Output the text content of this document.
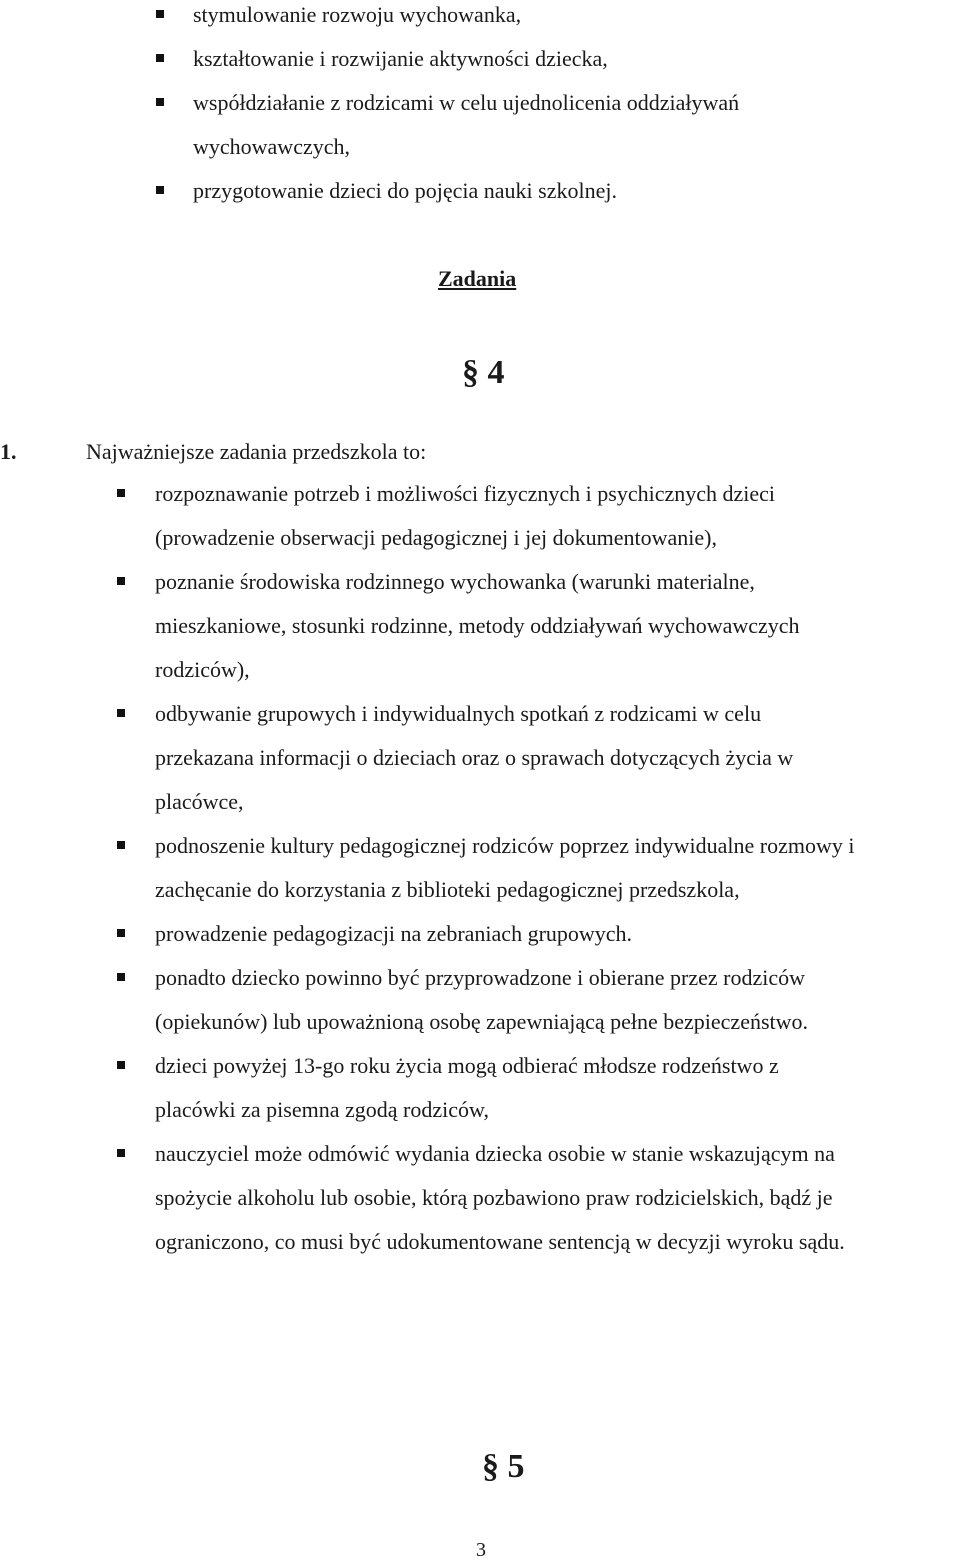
stymulowanie rozwoju wychowanka,
kształtowanie i rozwijanie aktywności dziecka,
współdziałanie z rodzicami w celu ujednolicenia oddziaływań
wychowawczych,
przygotowanie dzieci do pojęcia nauki szkolnej.
Zadania
§ 4
1.	Najważniejsze zadania przedszkola to:
rozpoznawanie potrzeb i możliwości fizycznych i psychicznych dzieci
(prowadzenie obserwacji pedagogicznej i jej dokumentowanie),
poznanie środowiska rodzinnego wychowanka (warunki materialne,
mieszkaniowe, stosunki rodzinne, metody oddziaływań wychowawczych
rodziców),
odbywanie grupowych i indywidualnych spotkań z rodzicami w celu
przekazana informacji o dzieciach oraz o sprawach dotyczących życia w
placówce,
podnoszenie kultury pedagogicznej rodziców poprzez indywidualne rozmowy i
zachęcanie do korzystania z biblioteki pedagogicznej przedszkola,
prowadzenie pedagogizacji na zebraniach grupowych.
ponadto dziecko powinno być przyprowadzone i obierane przez rodziców
(opiekunów) lub upoważnioną osobę zapewniającą pełne bezpieczeństwo.
dzieci powyżej 13-go roku życia mogą odbierać młodsze rodzeństwo z
placówki za pisemna zgodą rodziców,
nauczyciel może odmówić wydania dziecka osobie w stanie wskazującym na
spożycie alkoholu lub osobie, którą pozbawiono praw rodzicielskich, bądź je
ograniczono, co musi być udokumentowane sentencją w decyzji wyroku sądu.
§ 5
3
